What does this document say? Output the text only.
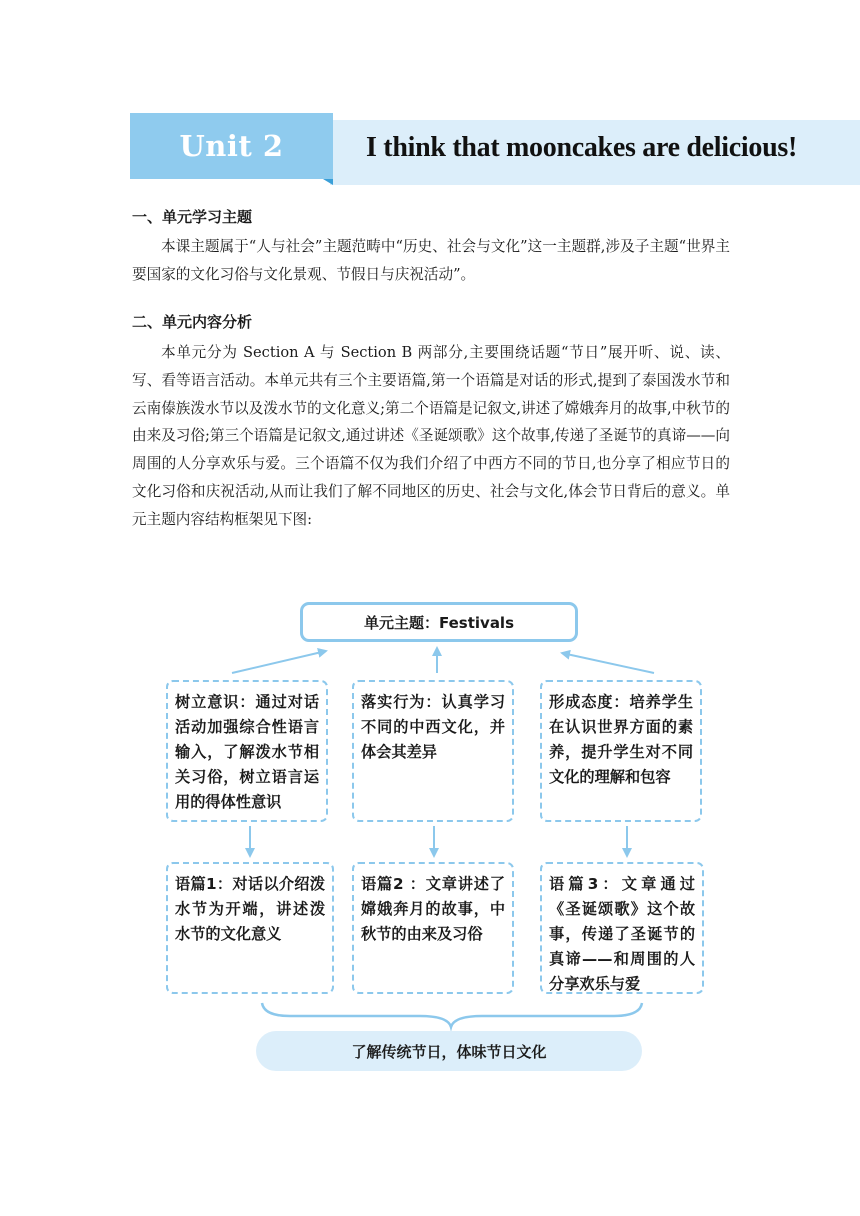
Unit 2	I think that mooncakes are delicious!
一、单元学习主题
本课主题属于“人与社会”主题范畴中“历史、社会与文化”这一主题群,涉及子主题“世界主要国家的文化习俗与文化景观、节假日与庆祝活动”。
二、单元内容分析
本单元分为 Section A 与 Section B 两部分,主要围绕话题“节日”展开听、说、读、写、看等语言活动。本单元共有三个主要语篇,第一个语篇是对话的形式,提到了泰国泼水节和云南傣族泼水节以及泼水节的文化意义;第二个语篇是记叙文,讲述了嫦娥奔月的故事,中秋节的由来及习俗;第三个语篇是记叙文,通过讲述《圣诞颂歌》这个故事,传递了圣诞节的真谛——向周围的人分享欢乐与爱。三个语篇不仅为我们介绍了中西方不同的节日,也分享了相应节日的文化习俗和庆祝活动,从而让我们了解不同地区的历史、社会与文化,体会节日背后的意义。单元主题内容结构框架见下图:
单元主题：Festivals
树立意识：通过对话活动加强综合性语言输入，了解泼水节相关习俗，树立语言运用的得体性意识
落实行为：认真学习不同的中西文化，并体会其差异
形成态度：培养学生在认识世界方面的素养，提升学生对不同文化的理解和包容
语篇1：对话以介绍泼水节为开端，讲述泼水节的文化意义
语篇2 ：文章讲述了嫦娥奔月的故事，中秋节的由来及习俗
语篇3：文章通过《圣诞颂歌》这个故事，传递了圣诞节的真谛——和周围的人分享欢乐与爱
了解传统节日，体味节日文化
